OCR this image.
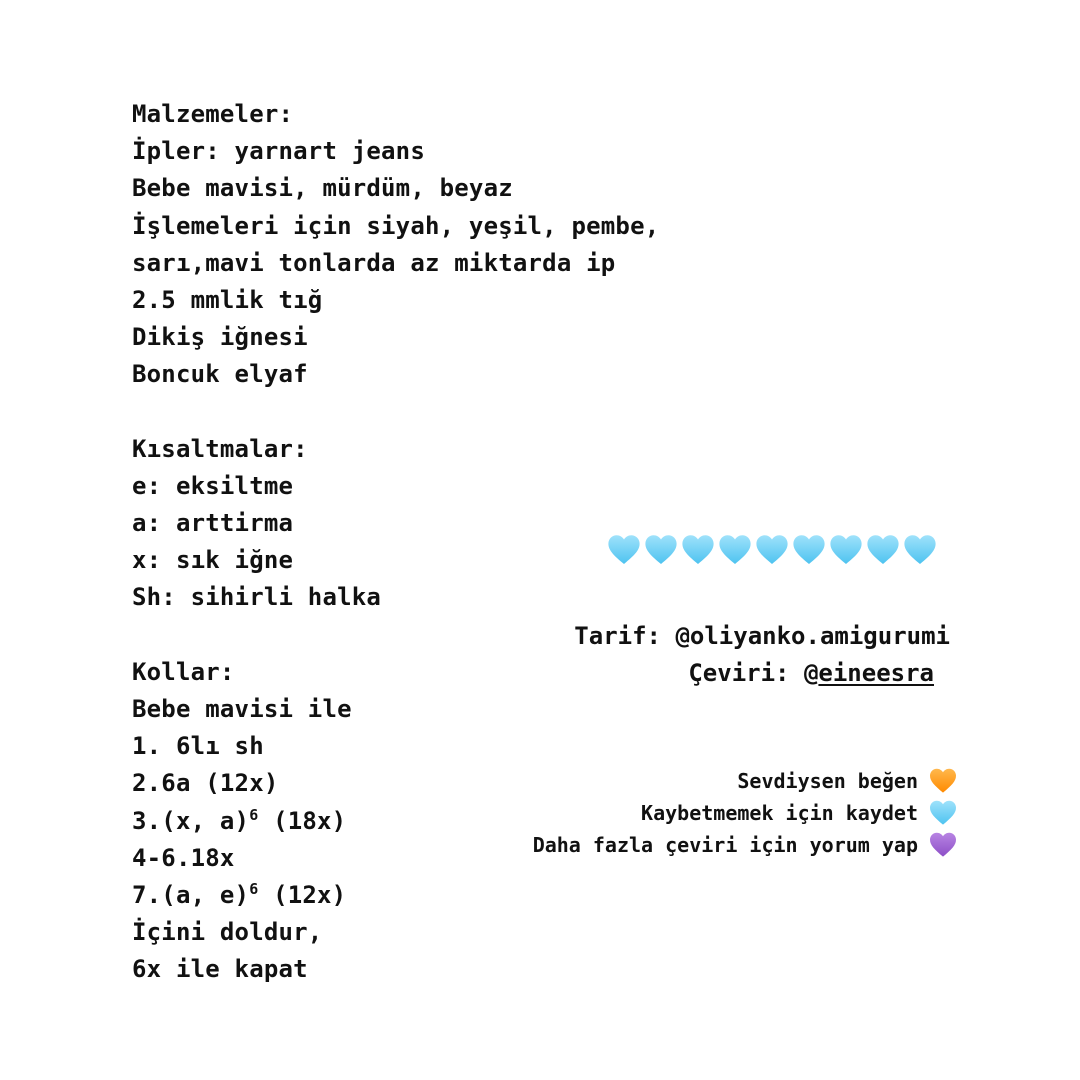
Malzemeler:
İpler: yarnart jeans
Bebe mavisi, mürdüm, beyaz
İşlemeleri için siyah, yeşil, pembe,
sarı,mavi tonlarda az miktarda ip
2.5 mmlik tığ
Dikiş iğnesi
Boncuk elyaf
Kısaltmalar:
e: eksiltme
a: arttirma
x: sık iğne
Sh: sihirli halka
Kollar:
Bebe mavisi ile
1. 6lı sh
2.6a (12x)
3.(x, a)$^6$ (18x)
4-6.18x
7.(a, e)$^6$ (12x)
İçini doldur,
6x ile kapat
Tarif: @oliyanko.amigurumi
Çeviri: @eineesra
Sevdiysen beğen
Kaybetmemek için kaydet
Daha fazla çeviri için yorum yap
